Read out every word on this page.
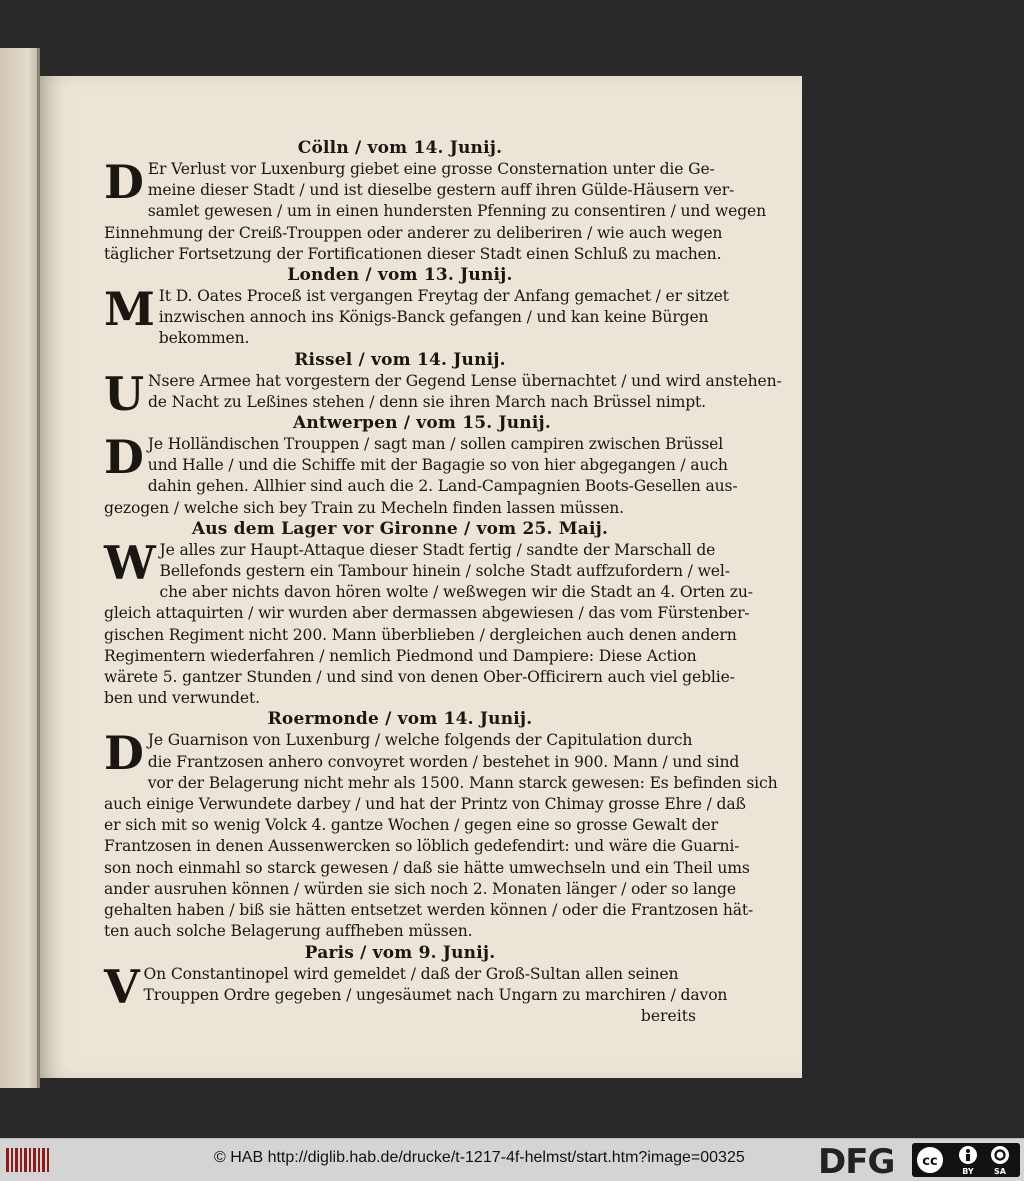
Cölln / vom 14. Junij.
D Er Verlust vor Luxenburg giebet eine grosse Consternation unter die Ge-
meine dieser Stadt / und ist dieselbe gestern auff ihren Gülde-Häusern ver-
samlet gewesen / um in einen hundersten Pfenning zu consentiren / und wegen
Einnehmung der Creiß-Trouppen oder anderer zu deliberiren / wie auch wegen
täglicher Fortsetzung der Fortificationen dieser Stadt einen Schluß zu machen.
Londen / vom 13. Junij.
M It D. Oates Proceß ist vergangen Freytag der Anfang gemachet / er sitzet
inzwischen annoch ins Königs-Banck gefangen / und kan keine Bürgen
bekommen.
Rissel / vom 14. Junij.
U Nsere Armee hat vorgestern der Gegend Lense übernachtet / und wird anstehen-
de Nacht zu Leßines stehen / denn sie ihren March nach Brüssel nimpt.
Antwerpen / vom 15. Junij.
D Je Holländischen Trouppen / sagt man / sollen campiren zwischen Brüssel
und Halle / und die Schiffe mit der Bagagie so von hier abgegangen / auch
dahin gehen. Allhier sind auch die 2. Land-Campagnien Boots-Gesellen aus-
gezogen / welche sich bey Train zu Mecheln finden lassen müssen.
Aus dem Lager vor Gironne / vom 25. Maij.
W Je alles zur Haupt-Attaque dieser Stadt fertig / sandte der Marschall de
Bellefonds gestern ein Tambour hinein / solche Stadt auffzufordern / wel-
che aber nichts davon hören wolte / weßwegen wir die Stadt an 4. Orten zu-
gleich attaquirten / wir wurden aber dermassen abgewiesen / das vom Fürstenber-
gischen Regiment nicht 200. Mann überblieben / dergleichen auch denen andern
Regimentern wiederfahren / nemlich Piedmond und Dampiere: Diese Action
wärete 5. gantzer Stunden / und sind von denen Ober-Officirern auch viel geblie-
ben und verwundet.
Roermonde / vom 14. Junij.
D Je Guarnison von Luxenburg / welche folgends der Capitulation durch
die Frantzosen anhero convoyret worden / bestehet in 900. Mann / und sind
vor der Belagerung nicht mehr als 1500. Mann starck gewesen: Es befinden sich
auch einige Verwundete darbey / und hat der Printz von Chimay grosse Ehre / daß
er sich mit so wenig Volck 4. gantze Wochen / gegen eine so grosse Gewalt der
Frantzosen in denen Aussenwercken so löblich gedefendirt: und wäre die Guarni-
son noch einmahl so starck gewesen / daß sie hätte umwechseln und ein Theil ums
ander ausruhen können / würden sie sich noch 2. Monaten länger / oder so lange
gehalten haben / biß sie hätten entsetzet werden können / oder die Frantzosen hät-
ten auch solche Belagerung auffheben müssen.
Paris / vom 9. Junij.
V On Constantinopel wird gemeldet / daß der Groß-Sultan allen seinen
Trouppen Ordre gegeben / ungesäumet nach Ungarn zu marchiren / davon
bereits
© HAB http://diglib.hab.de/drucke/t-1217-4f-helmst/start.htm?image=00325 DFG cc
BY	SA
